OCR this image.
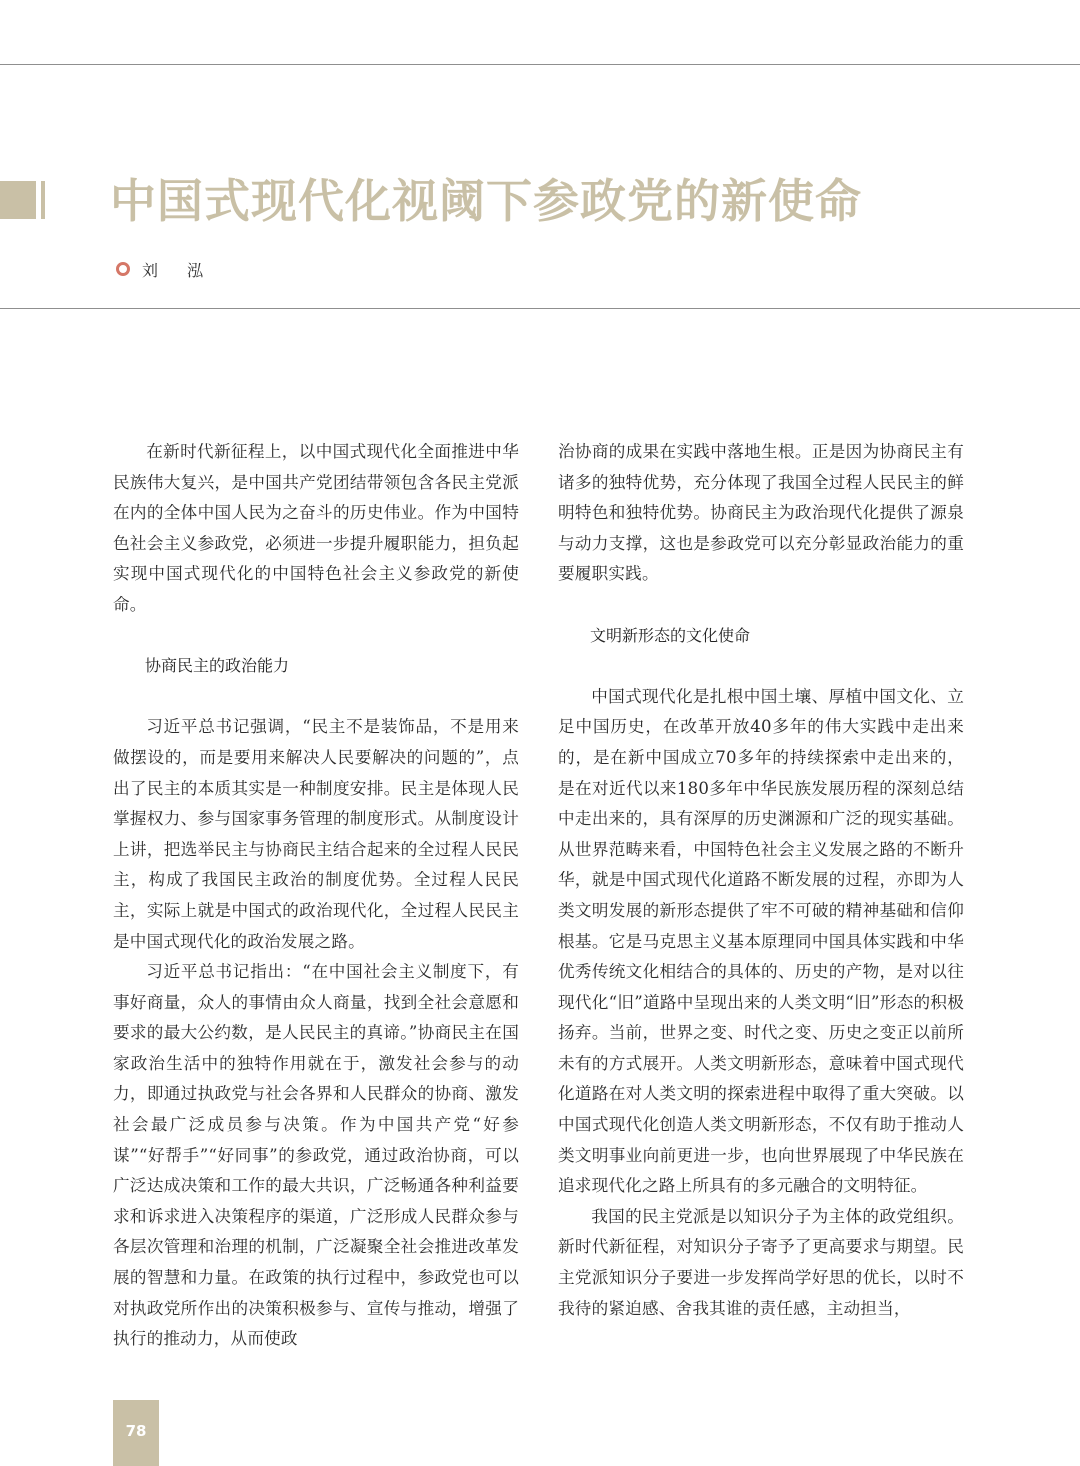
中国式现代化视阈下参政党的新使命
刘 泓

在新时代新征程上，以中国式现代化全面推进中华民族伟大复兴，是中国共产党团结带领包含各民主党派在内的全体中国人民为之奋斗的历史伟业。作为中国特色社会主义参政党，必须进一步提升履职能力，担负起实现中国式现代化的中国特色社会主义参政党的新使命。

协商民主的政治能力

习近平总书记强调，“民主不是装饰品，不是用来做摆设的，而是要用来解决人民要解决的问题的”，点出了民主的本质其实是一种制度安排。民主是体现人民掌握权力、参与国家事务管理的制度形式。从制度设计上讲，把选举民主与协商民主结合起来的全过程人民民主，构成了我国民主政治的制度优势。全过程人民民主，实际上就是中国式的政治现代化，全过程人民民主是中国式现代化的政治发展之路。

习近平总书记指出：“在中国社会主义制度下，有事好商量，众人的事情由众人商量，找到全社会意愿和要求的最大公约数，是人民民主的真谛。”协商民主在国家政治生活中的独特作用就在于，激发社会参与的动力，即通过执政党与社会各界和人民群众的协商、激发社会最广泛成员参与决策。作为中国共产党“好参谋”“好帮手”“好同事”的参政党，通过政治协商，可以广泛达成决策和工作的最大共识，广泛畅通各种利益要求和诉求进入决策程序的渠道，广泛形成人民群众参与各层次管理和治理的机制，广泛凝聚全社会推进改革发展的智慧和力量。在政策的执行过程中，参政党也可以对执政党所作出的决策积极参与、宣传与推动，增强了执行的推动力，从而使政

治协商的成果在实践中落地生根。正是因为协商民主有诸多的独特优势，充分体现了我国全过程人民民主的鲜明特色和独特优势。协商民主为政治现代化提供了源泉与动力支撑，这也是参政党可以充分彰显政治能力的重要履职实践。

文明新形态的文化使命

中国式现代化是扎根中国土壤、厚植中国文化、立足中国历史，在改革开放40多年的伟大实践中走出来的，是在新中国成立70多年的持续探索中走出来的，是在对近代以来180多年中华民族发展历程的深刻总结中走出来的，具有深厚的历史渊源和广泛的现实基础。从世界范畴来看，中国特色社会主义发展之路的不断升华，就是中国式现代化道路不断发展的过程，亦即为人类文明发展的新形态提供了牢不可破的精神基础和信仰根基。它是马克思主义基本原理同中国具体实践和中华优秀传统文化相结合的具体的、历史的产物，是对以往现代化“旧”道路中呈现出来的人类文明“旧”形态的积极扬弃。当前，世界之变、时代之变、历史之变正以前所未有的方式展开。人类文明新形态，意味着中国式现代化道路在对人类文明的探索进程中取得了重大突破。以中国式现代化创造人类文明新形态，不仅有助于推动人类文明事业向前更进一步，也向世界展现了中华民族在追求现代化之路上所具有的多元融合的文明特征。

我国的民主党派是以知识分子为主体的政党组织。新时代新征程，对知识分子寄予了更高要求与期望。民主党派知识分子要进一步发挥尚学好思的优长，以时不我待的紧迫感、舍我其谁的责任感，主动担当，

78
